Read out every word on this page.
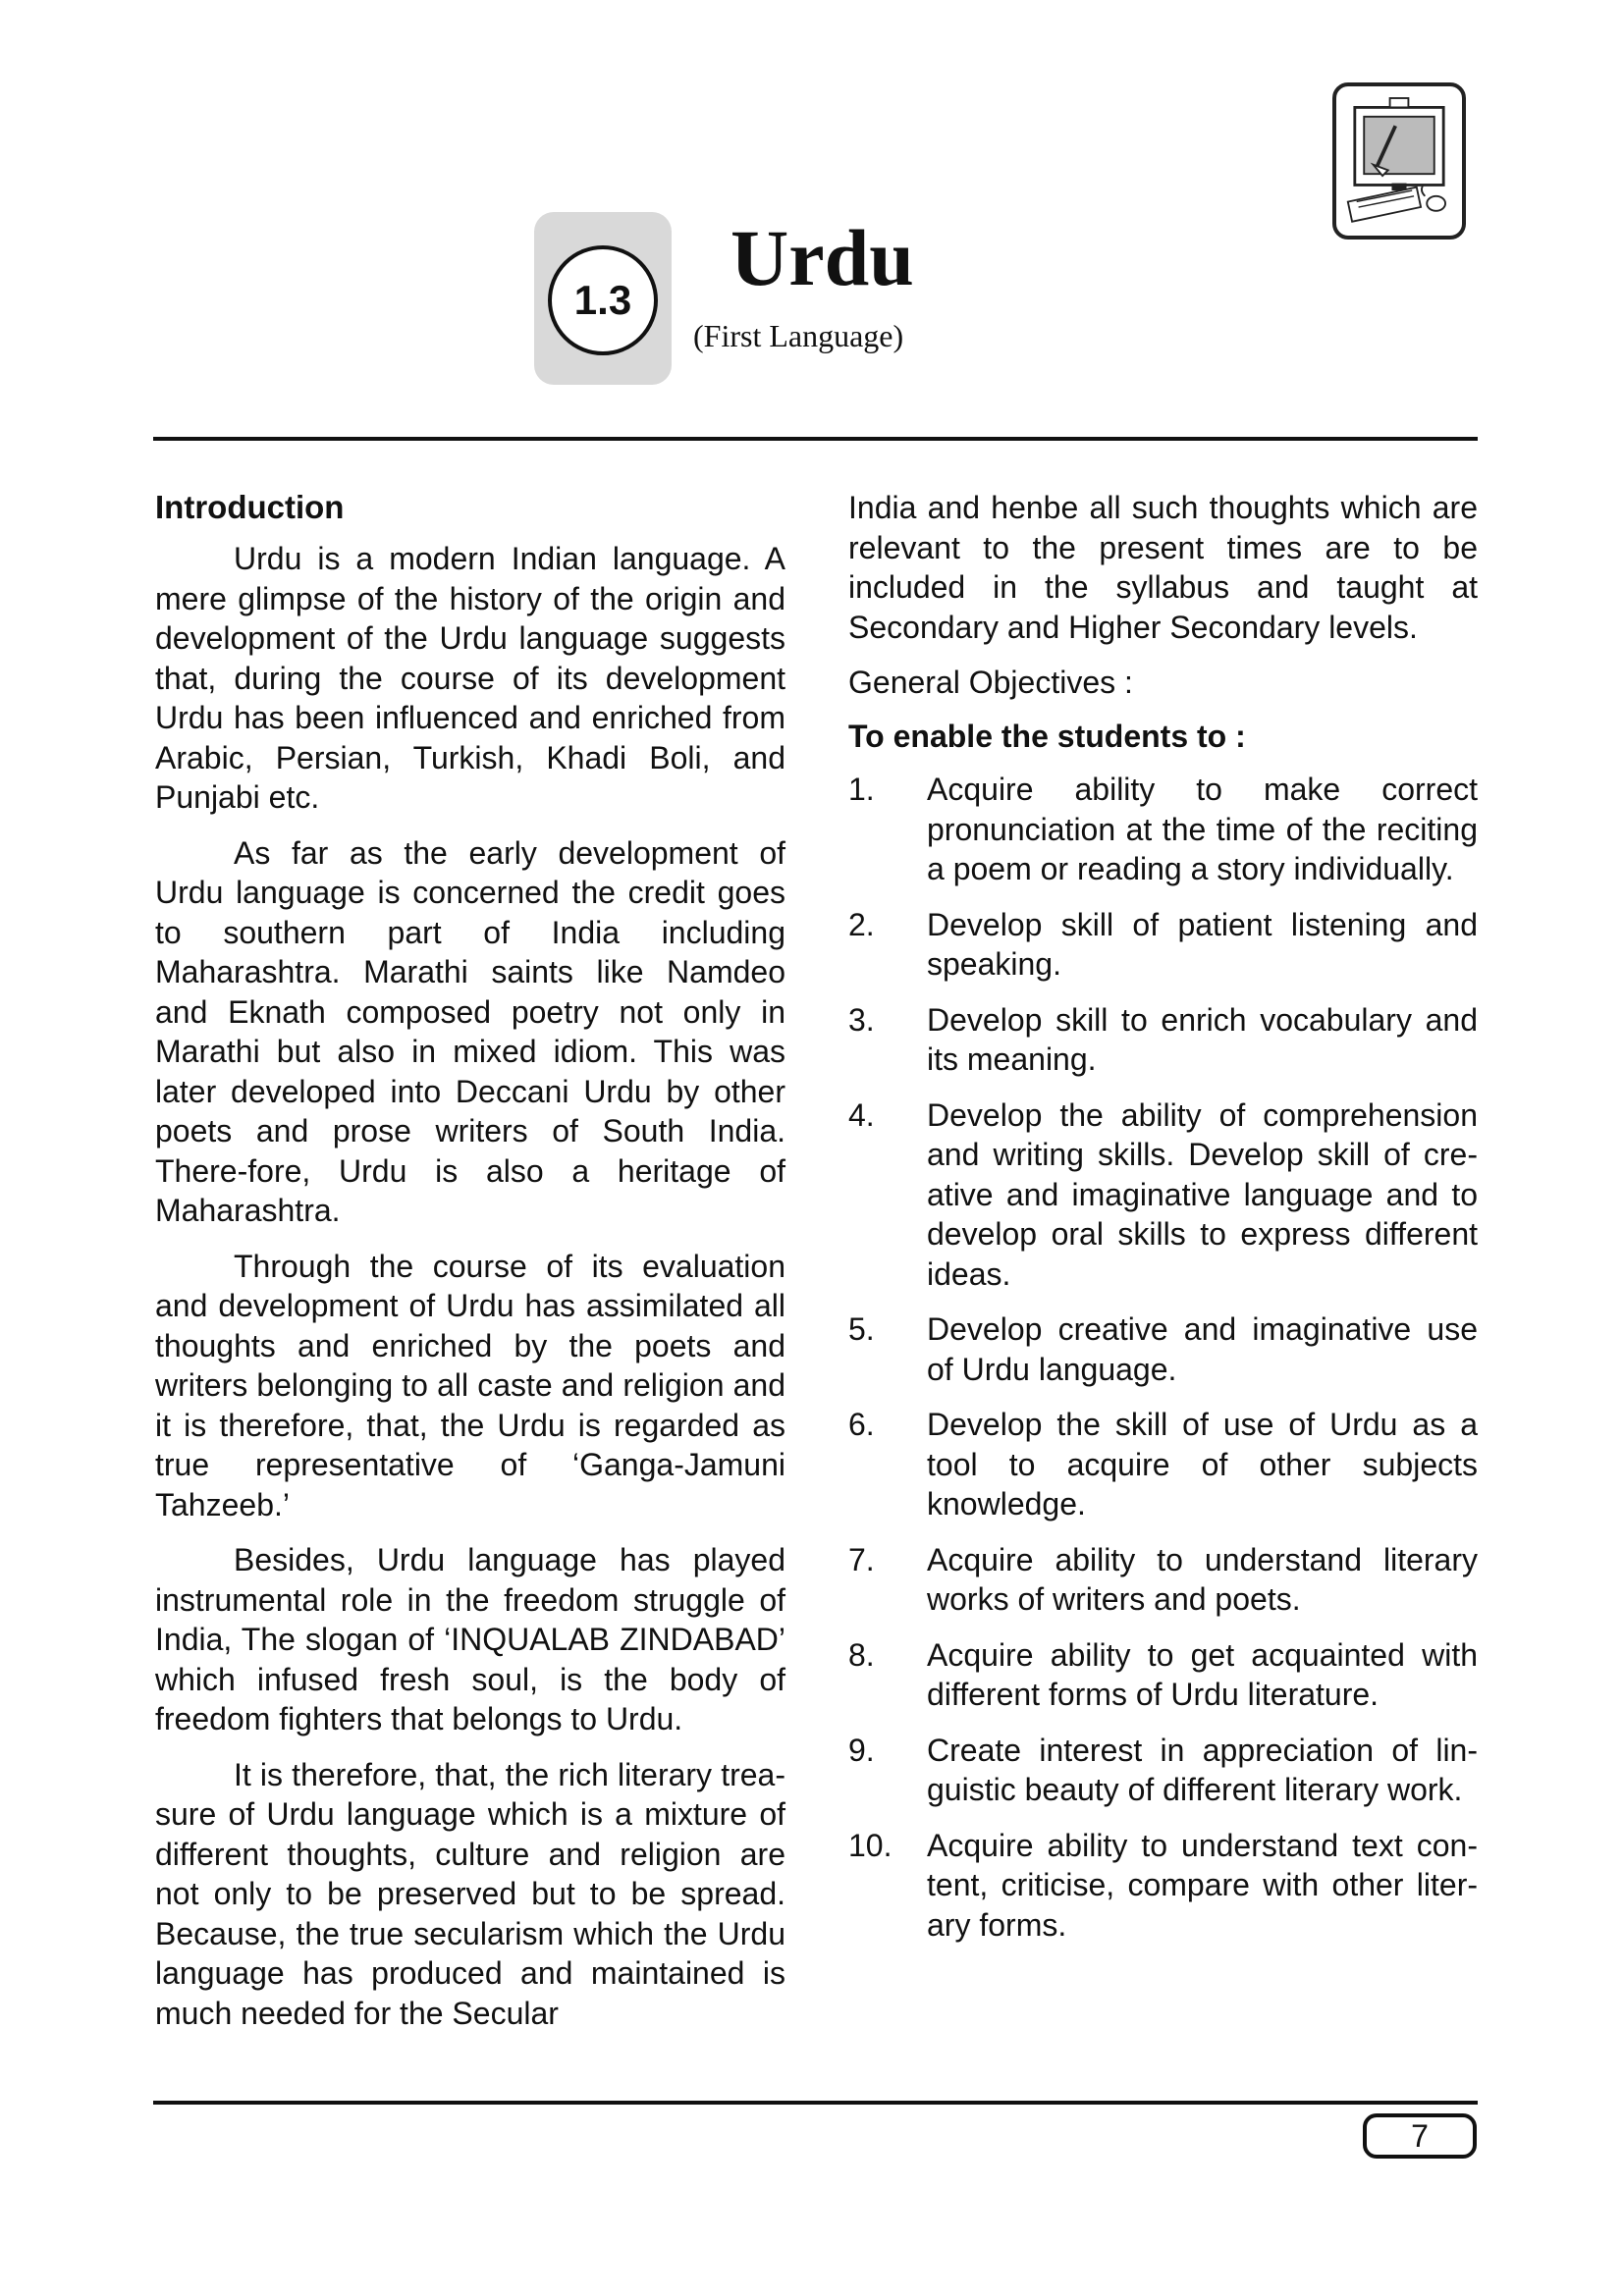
1.3	Urdu
(First Language)
Introduction

Urdu is a modern Indian language. A mere glimpse of the history of the origin and development of the Urdu language suggests that, during the course of its development Urdu has been influenced and enriched from Arabic, Persian, Turkish, Khadi Boli, and Punjabi etc.

As far as the early development of Urdu language is concerned the credit goes to southern part of India including Maharashtra. Marathi saints like Namdeo and Eknath composed poetry not only in Marathi but also in mixed idiom. This was later developed into Deccani Urdu by other poets and prose writers of South India. There-fore, Urdu is also a heritage of Maharashtra.

Through the course of its evaluation and development of Urdu has assimilated all thoughts and enriched by the poets and writers belonging to all caste and religion and it is therefore, that, the Urdu is regarded as true representative of ‘Ganga-Jamuni Tahzeeb.’

Besides, Urdu language has played instrumental role in the freedom struggle of India, The slogan of ‘INQUALAB ZINDABAD’ which infused fresh soul, is the body of freedom fighters that belongs to Urdu.

It is therefore, that, the rich literary trea-sure of Urdu language which is a mixture of different thoughts, culture and religion are not only to be preserved but to be spread. Because, the true secularism which the Urdu language has produced and maintained is much needed for the Secular

India and henbe all such thoughts which are relevant to the present times are to be included in the syllabus and taught at Secondary and Higher Secondary levels.

General Objectives :

To enable the students to :

1. Acquire ability to make correct pronunciation at the time of the reciting a poem or reading a story individually.
2. Develop skill of patient listening and speaking.
3. Develop skill to enrich vocabulary and its meaning.
4. Develop the ability of comprehension and writing skills. Develop skill of cre-ative and imaginative language and to develop oral skills to express different ideas.
5. Develop creative and imaginative use of Urdu language.
6. Develop the skill of use of Urdu as a tool to acquire of other subjects knowledge.
7. Acquire ability to understand literary works of writers and poets.
8. Acquire ability to get acquainted with different forms of Urdu literature.
9. Create interest in appreciation of lin-guistic beauty of different literary work.
10. Acquire ability to understand text con-tent, criticise, compare with other liter-ary forms.
7
